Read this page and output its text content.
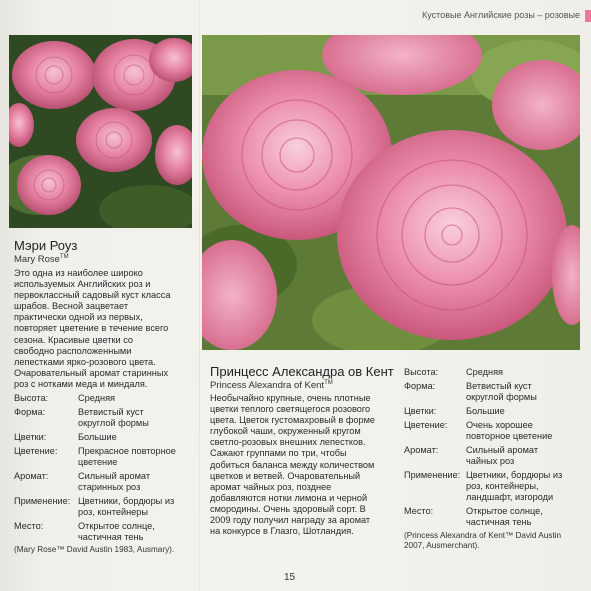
Кустовые Английские розы – розовые
Мэри Роуз
Mary Rose™
Это одна из наиболее широко
используемых Английских роз и
первоклассный садовый куст класса
шрабов. Весной зацветает
практически одной из первых,
повторяет цветение в течение всего
сезона. Красивые цветки со
свободно расположенными
лепестками ярко-розового цвета.
Очаровательный аромат старинных
роз с нотками меда и миндаля.
Высота:	Средняя
Форма:	Ветвистый куст
округлой формы
Цветки:	Большие
Цветение:	Прекрасное повторное
цветение
Аромат:	Сильный аромат
старинных роз
Применение: Цветники, бордюры из
роз, контейнеры
Место:	Открытое солнце,
частичная тень
(Mary Rose™ David Austin 1983, Ausmary).
Принцесс Александра ов Кент
Princess Alexandra of Kent™
Необычайно крупные, очень плотные
цветки теплого светящегося розового
цвета. Цветок густомахровый в форме
глубокой чаши, окруженный кругом
светло-розовых внешних лепестков.
Сажают группами по три, чтобы
добиться баланса между количеством
цветков и ветвей. Очаровательный
аромат чайных роз, позднее
добавляются нотки лимона и черной
смородины. Очень здоровый сорт. В
2009 году получил награду за аромат
на конкурсе в Глазго, Шотландия.
Высота:	Средняя
Форма:	Ветвистый куст
округлой формы
Цветки:	Большие
Цветение:	Очень хорошее
повторное цветение
Аромат:	Сильный аромат
чайных роз
Применение: Цветники, бордюры из
роз, контейнеры,
ландшафт, изгороди
Место:	Открытое солнце,
частичная тень
(Princess Alexandra of Kent™ David Austin
2007, Ausmerchant).
15
